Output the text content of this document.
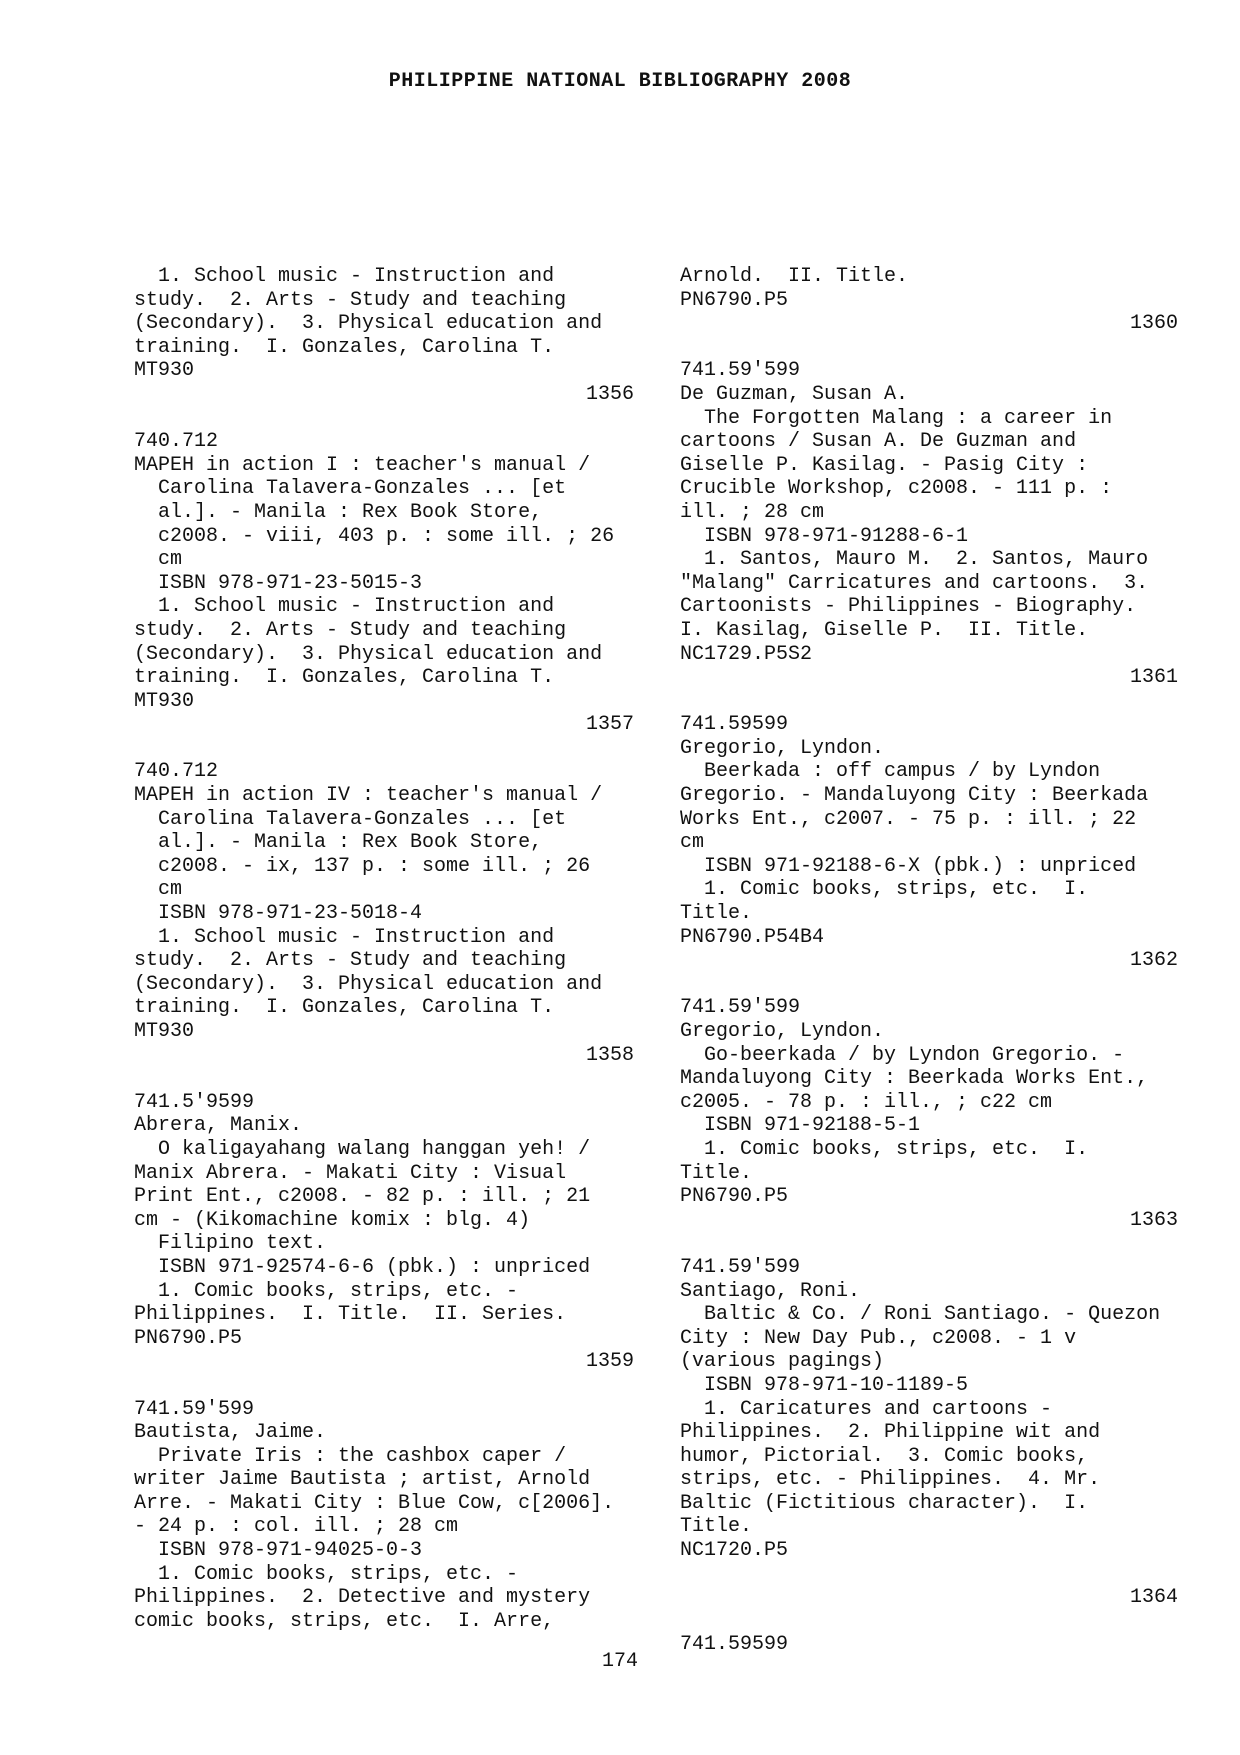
PHILIPPINE NATIONAL BIBLIOGRAPHY 2008
1. School music - Instruction and
study.  2. Arts - Study and teaching
(Secondary).  3. Physical education and
training.  I. Gonzales, Carolina T.
MT930
1356
740.712
MAPEH in action I : teacher's manual /
Carolina Talavera-Gonzales ... [et
al.]. - Manila : Rex Book Store,
c2008. - viii, 403 p. : some ill. ; 26
cm
ISBN 978-971-23-5015-3
1. School music - Instruction and
study.  2. Arts - Study and teaching
(Secondary).  3. Physical education and
training.  I. Gonzales, Carolina T.
MT930
1357
740.712
MAPEH in action IV : teacher's manual /
Carolina Talavera-Gonzales ... [et
al.]. - Manila : Rex Book Store,
c2008. - ix, 137 p. : some ill. ; 26
cm
ISBN 978-971-23-5018-4
1. School music - Instruction and
study.  2. Arts - Study and teaching
(Secondary).  3. Physical education and
training.  I. Gonzales, Carolina T.
MT930
1358
741.5'9599
Abrera, Manix.
O kaligayahang walang hanggan yeh! /
Manix Abrera. - Makati City : Visual
Print Ent., c2008. - 82 p. : ill. ; 21
cm - (Kikomachine komix : blg. 4)
Filipino text.
ISBN 971-92574-6-6 (pbk.) : unpriced
1. Comic books, strips, etc. -
Philippines.  I. Title.  II. Series.
PN6790.P5
1359
741.59'599
Bautista, Jaime.
Private Iris : the cashbox caper /
writer Jaime Bautista ; artist, Arnold
Arre. - Makati City : Blue Cow, c[2006].
- 24 p. : col. ill. ; 28 cm
ISBN 978-971-94025-0-3
1. Comic books, strips, etc. -
Philippines.  2. Detective and mystery
comic books, strips, etc.  I. Arre,
Arnold.  II. Title.
PN6790.P5
1360
741.59'599
De Guzman, Susan A.
The Forgotten Malang : a career in
cartoons / Susan A. De Guzman and
Giselle P. Kasilag. - Pasig City :
Crucible Workshop, c2008. - 111 p. :
ill. ; 28 cm
ISBN 978-971-91288-6-1
1. Santos, Mauro M.  2. Santos, Mauro
"Malang" Carricatures and cartoons.  3.
Cartoonists - Philippines - Biography.
I. Kasilag, Giselle P.  II. Title.
NC1729.P5S2
1361
741.59599
Gregorio, Lyndon.
Beerkada : off campus / by Lyndon
Gregorio. - Mandaluyong City : Beerkada
Works Ent., c2007. - 75 p. : ill. ; 22
cm
ISBN 971-92188-6-X (pbk.) : unpriced
1. Comic books, strips, etc.  I.
Title.
PN6790.P54B4
1362
741.59'599
Gregorio, Lyndon.
Go-beerkada / by Lyndon Gregorio. -
Mandaluyong City : Beerkada Works Ent.,
c2005. - 78 p. : ill., ; c22 cm
ISBN 971-92188-5-1
1. Comic books, strips, etc.  I.
Title.
PN6790.P5
1363
741.59'599
Santiago, Roni.
Baltic & Co. / Roni Santiago. - Quezon
City : New Day Pub., c2008. - 1 v
(various pagings)
ISBN 978-971-10-1189-5
1. Caricatures and cartoons -
Philippines.  2. Philippine wit and
humor, Pictorial.  3. Comic books,
strips, etc. - Philippines.  4. Mr.
Baltic (Fictitious character).  I.
Title.
NC1720.P5
1364
741.59599
174
